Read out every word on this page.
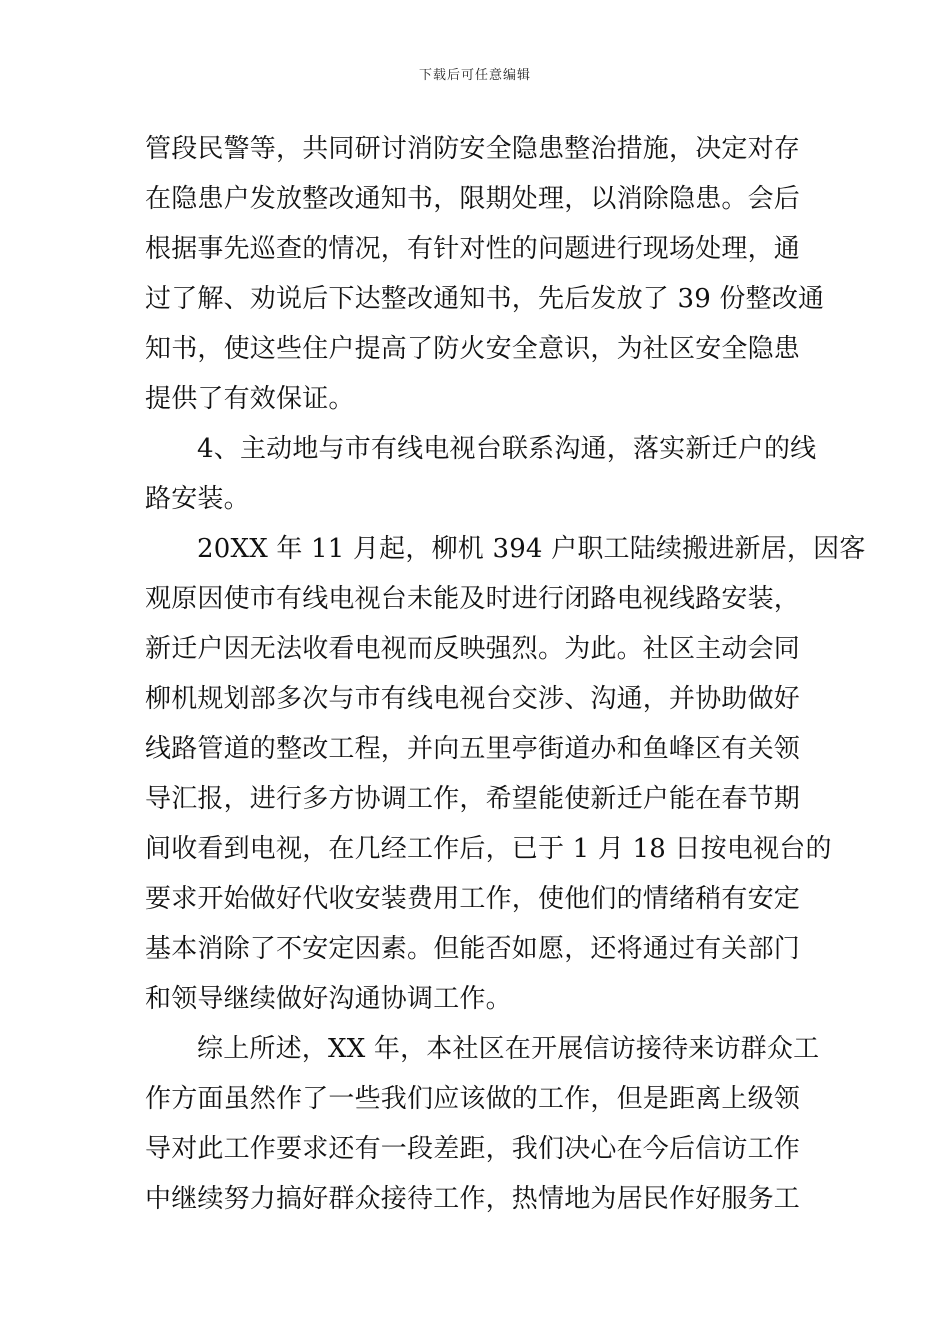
下载后可任意编辑
管段民警等，共同研讨消防安全隐患整治措施，决定对存
在隐患户发放整改通知书，限期处理，以消除隐患。会后
根据事先巡查的情况，有针对性的问题进行现场处理，通
过了解、劝说后下达整改通知书，先后发放了 39 份整改通
知书，使这些住户提高了防火安全意识，为社区安全隐患
提供了有效保证。
4、主动地与市有线电视台联系沟通，落实新迁户的线
路安装。
20XX 年 11 月起，柳机 394 户职工陆续搬进新居，因客
观原因使市有线电视台未能及时进行闭路电视线路安装，
新迁户因无法收看电视而反映强烈。为此。社区主动会同
柳机规划部多次与市有线电视台交涉、沟通，并协助做好
线路管道的整改工程，并向五里亭街道办和鱼峰区有关领
导汇报，进行多方协调工作，希望能使新迁户能在春节期
间收看到电视，在几经工作后，已于 1 月 18 日按电视台的
要求开始做好代收安装费用工作，使他们的情绪稍有安定
基本消除了不安定因素。但能否如愿，还将通过有关部门
和领导继续做好沟通协调工作。
综上所述，XX 年，本社区在开展信访接待来访群众工
作方面虽然作了一些我们应该做的工作，但是距离上级领
导对此工作要求还有一段差距，我们决心在今后信访工作
中继续努力搞好群众接待工作，热情地为居民作好服务工
